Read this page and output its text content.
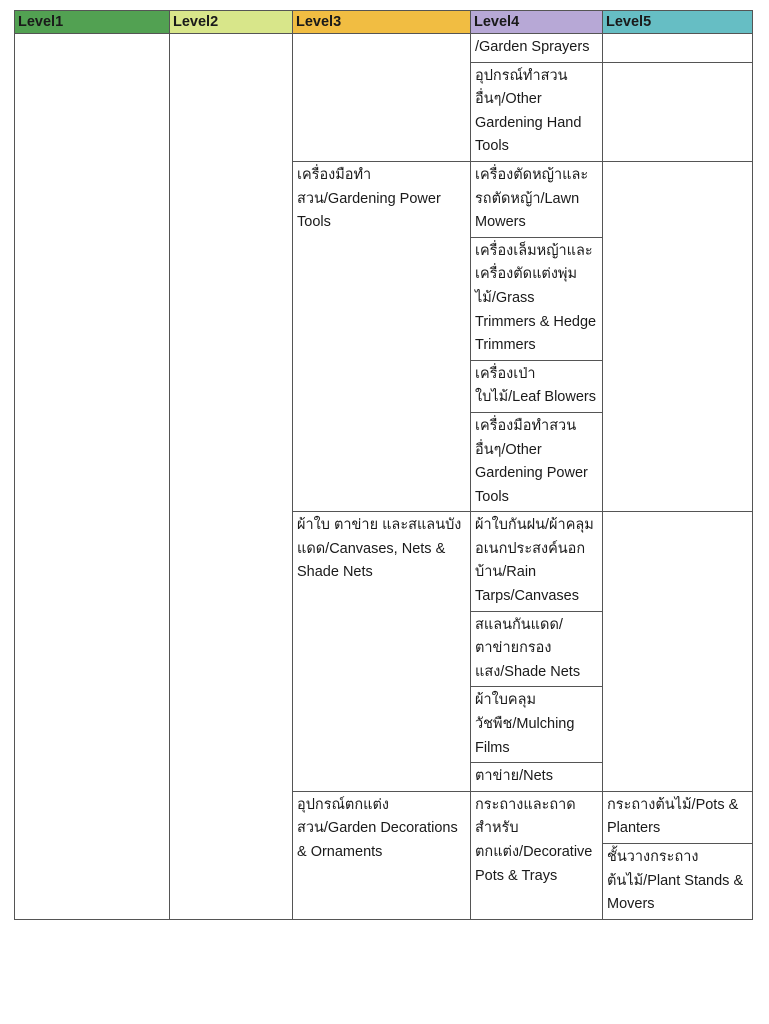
Level1	Level2	Level3	Level4	Level5
			/Garden Sprayers	
			อุปกรณ์ทำสวนอื่นๆ/Other Gardening Hand Tools	
		เครื่องมือทำสวน/Gardening Power Tools	เครื่องตัดหญ้าและรถตัดหญ้า/Lawn Mowers	
			เครื่องเล็มหญ้าและเครื่องตัดแต่งพุ่มไม้/Grass Trimmers & Hedge Trimmers	
			เครื่องเป่าใบไม้/Leaf Blowers	
			เครื่องมือทำสวนอื่นๆ/Other Gardening Power Tools	
		ผ้าใบ ตาข่าย และสแลนบังแดด/Canvases, Nets & Shade Nets	ผ้าใบกันฝน/ผ้าคลุมอเนกประสงค์นอกบ้าน/Rain Tarps/Canvases	
			สแลนกันแดด/ตาข่ายกรองแสง/Shade Nets	
			ผ้าใบคลุมวัชพืช/Mulching Films	
			ตาข่าย/Nets	
		อุปกรณ์ตกแต่งสวน/Garden Decorations & Ornaments	กระถางและถาดสำหรับตกแต่ง/Decorative Pots & Trays	กระถางต้นไม้/Pots & Planters
				ชั้นวางกระถางต้นไม้/Plant Stands & Movers
